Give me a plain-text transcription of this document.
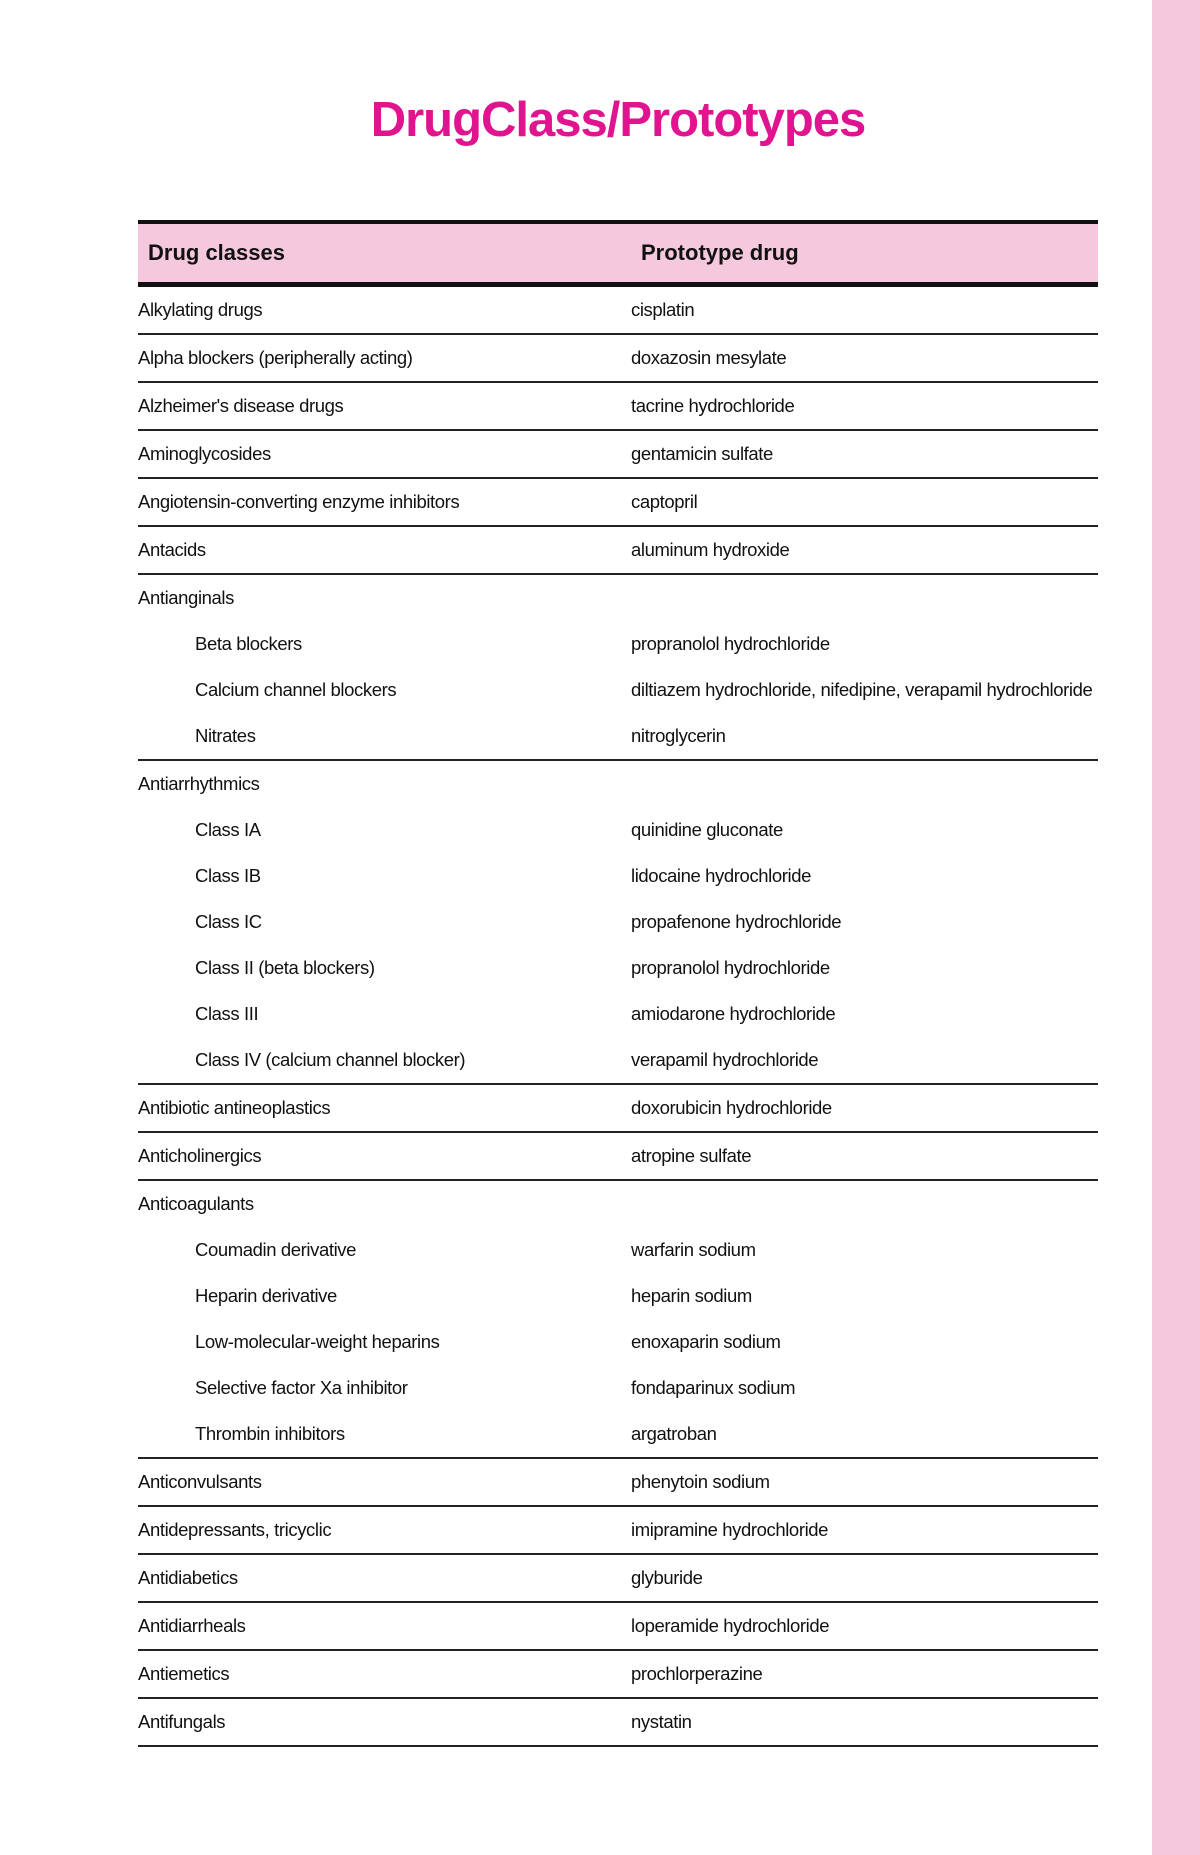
DrugClass/Prototypes
Drug classes	Prototype drug
Alkylating drugs	cisplatin
Alpha blockers (peripherally acting)	doxazosin mesylate
Alzheimer's disease drugs	tacrine hydrochloride
Aminoglycosides	gentamicin sulfate
Angiotensin-converting enzyme inhibitors	captopril
Antacids	aluminum hydroxide
Antianginals
Beta blockers	propranolol hydrochloride
Calcium channel blockers	diltiazem hydrochloride, nifedipine, verapamil hydrochloride
Nitrates	nitroglycerin
Antiarrhythmics
Class IA	quinidine gluconate
Class IB	lidocaine hydrochloride
Class IC	propafenone hydrochloride
Class II (beta blockers)	propranolol hydrochloride
Class III	amiodarone hydrochloride
Class IV (calcium channel blocker)	verapamil hydrochloride
Antibiotic antineoplastics	doxorubicin hydrochloride
Anticholinergics	atropine sulfate
Anticoagulants
Coumadin derivative	warfarin sodium
Heparin derivative	heparin sodium
Low-molecular-weight heparins	enoxaparin sodium
Selective factor Xa inhibitor	fondaparinux sodium
Thrombin inhibitors	argatroban
Anticonvulsants	phenytoin sodium
Antidepressants, tricyclic	imipramine hydrochloride
Antidiabetics	glyburide
Antidiarrheals	loperamide hydrochloride
Antiemetics	prochlorperazine
Antifungals	nystatin
